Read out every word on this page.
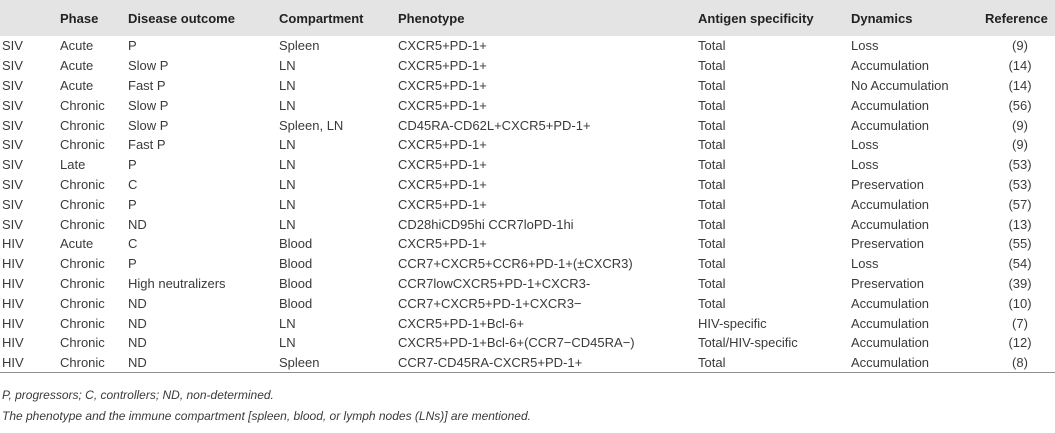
	Phase	Disease outcome	Compartment	Phenotype	Antigen specificity	Dynamics	Reference
SIV	Acute	P	Spleen	CXCR5+PD-1+	Total	Loss	(9)
SIV	Acute	Slow P	LN	CXCR5+PD-1+	Total	Accumulation	(14)
SIV	Acute	Fast P	LN	CXCR5+PD-1+	Total	No Accumulation	(14)
SIV	Chronic	Slow P	LN	CXCR5+PD-1+	Total	Accumulation	(56)
SIV	Chronic	Slow P	Spleen, LN	CD45RA-CD62L+CXCR5+PD-1+	Total	Accumulation	(9)
SIV	Chronic	Fast P	LN	CXCR5+PD-1+	Total	Loss	(9)
SIV	Late	P	LN	CXCR5+PD-1+	Total	Loss	(53)
SIV	Chronic	C	LN	CXCR5+PD-1+	Total	Preservation	(53)
SIV	Chronic	P	LN	CXCR5+PD-1+	Total	Accumulation	(57)
SIV	Chronic	ND	LN	CD28hiCD95hi CCR7loPD-1hi	Total	Accumulation	(13)
HIV	Acute	C	Blood	CXCR5+PD-1+	Total	Preservation	(55)
HIV	Chronic	P	Blood	CCR7+CXCR5+CCR6+PD-1+(±CXCR3)	Total	Loss	(54)
HIV	Chronic	High neutralizers	Blood	CCR7lowCXCR5+PD-1+CXCR3-	Total	Preservation	(39)
HIV	Chronic	ND	Blood	CCR7+CXCR5+PD-1+CXCR3−	Total	Accumulation	(10)
HIV	Chronic	ND	LN	CXCR5+PD-1+Bcl-6+	HIV-specific	Accumulation	(7)
HIV	Chronic	ND	LN	CXCR5+PD-1+Bcl-6+(CCR7−CD45RA−)	Total/HIV-specific	Accumulation	(12)
HIV	Chronic	ND	Spleen	CCR7-CD45RA-CXCR5+PD-1+	Total	Accumulation	(8)
P, progressors; C, controllers; ND, non-determined.
The phenotype and the immune compartment [spleen, blood, or lymph nodes (LNs)] are mentioned.
